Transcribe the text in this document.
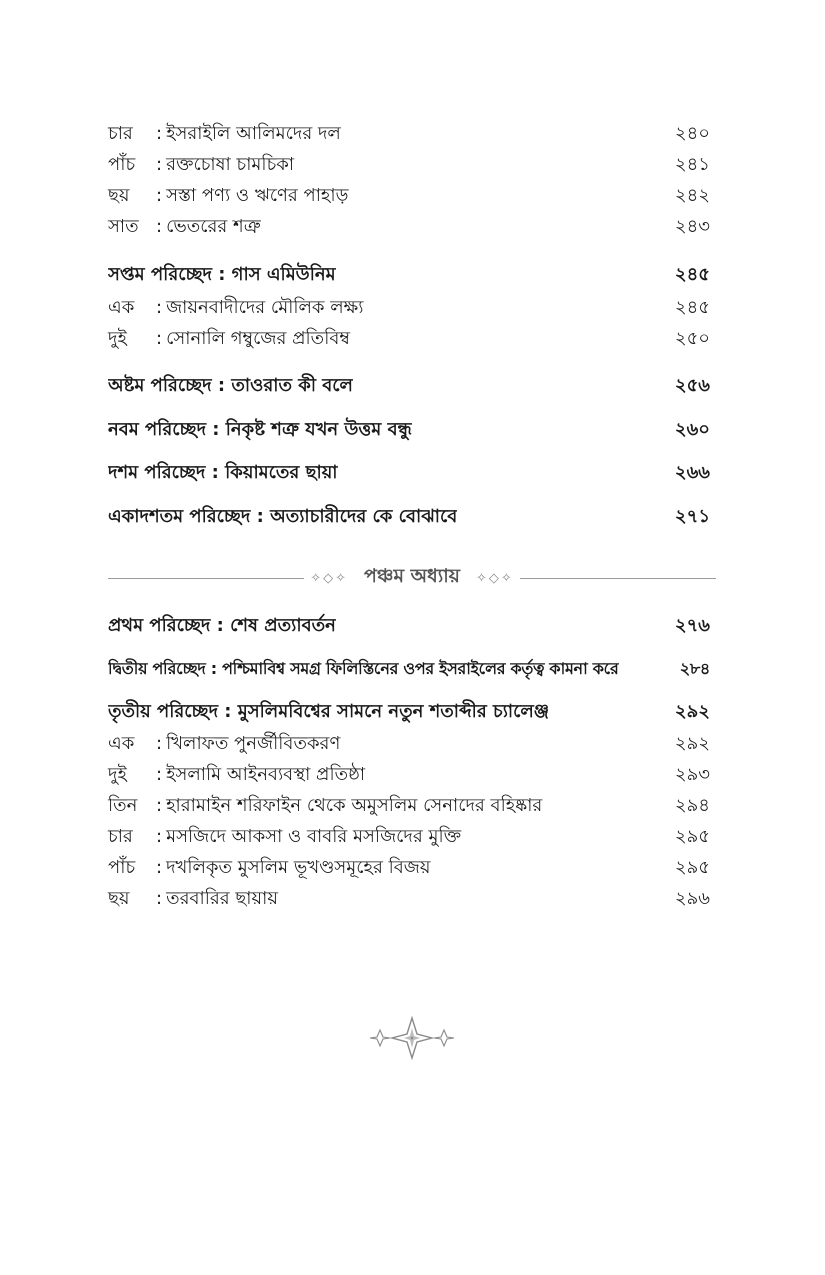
চার	: ইসরাইলি আলিমদের দল	২৪০
পাঁচ	: রক্তচোষা চামচিকা	২৪১
ছয়	: সস্তা পণ্য ও ঋণের পাহাড়	২৪২
সাত : ভেতরের শত্রু	২৪৩
সপ্তম পরিচ্ছেদ : গাস এমিউনিম	২৪৫
এক	: জায়নবাদীদের মৌলিক লক্ষ্য	২৪৫
দুই	: সোনালি গম্বুজের প্রতিবিম্ব	২৫০
অষ্টম পরিচ্ছেদ : তাওরাত কী বলে	২৫৬
নবম পরিচ্ছেদ : নিকৃষ্ট শত্রু যখন উত্তম বন্ধু	২৬০
দশম পরিচ্ছেদ : কিয়ামতের ছায়া	২৬৬
একাদশতম পরিচ্ছেদ : অত্যাচারীদের কে বোঝাবে	২৭১
✧◇✧ পঞ্চম অধ্যায়	✧◇✧
প্রথম পরিচ্ছেদ : শেষ প্রত্যাবর্তন	২৭৬
দ্বিতীয় পরিচ্ছেদ : পশ্চিমাবিশ্ব সমগ্র ফিলিস্তিনের ওপর ইসরাইলের কর্তৃত্ব কামনা করে	২৮৪
তৃতীয় পরিচ্ছেদ : মুসলিমবিশ্বের সামনে নতুন শতাব্দীর চ্যালেঞ্জ	২৯২
এক	: খিলাফত পুনর্জীবিতকরণ	২৯২
দুই	: ইসলামি আইনব্যবস্থা প্রতিষ্ঠা	২৯৩
তিন	: হারামাইন শরিফাইন থেকে অমুসলিম সেনাদের বহিষ্কার	২৯৪
চার	: মসজিদে আকসা ও বাবরি মসজিদের মুক্তি	২৯৫
পাঁচ	: দখলিকৃত মুসলিম ভূখণ্ডসমূহের বিজয়	২৯৫
ছয়	: তরবারির ছায়ায়	২৯৬
